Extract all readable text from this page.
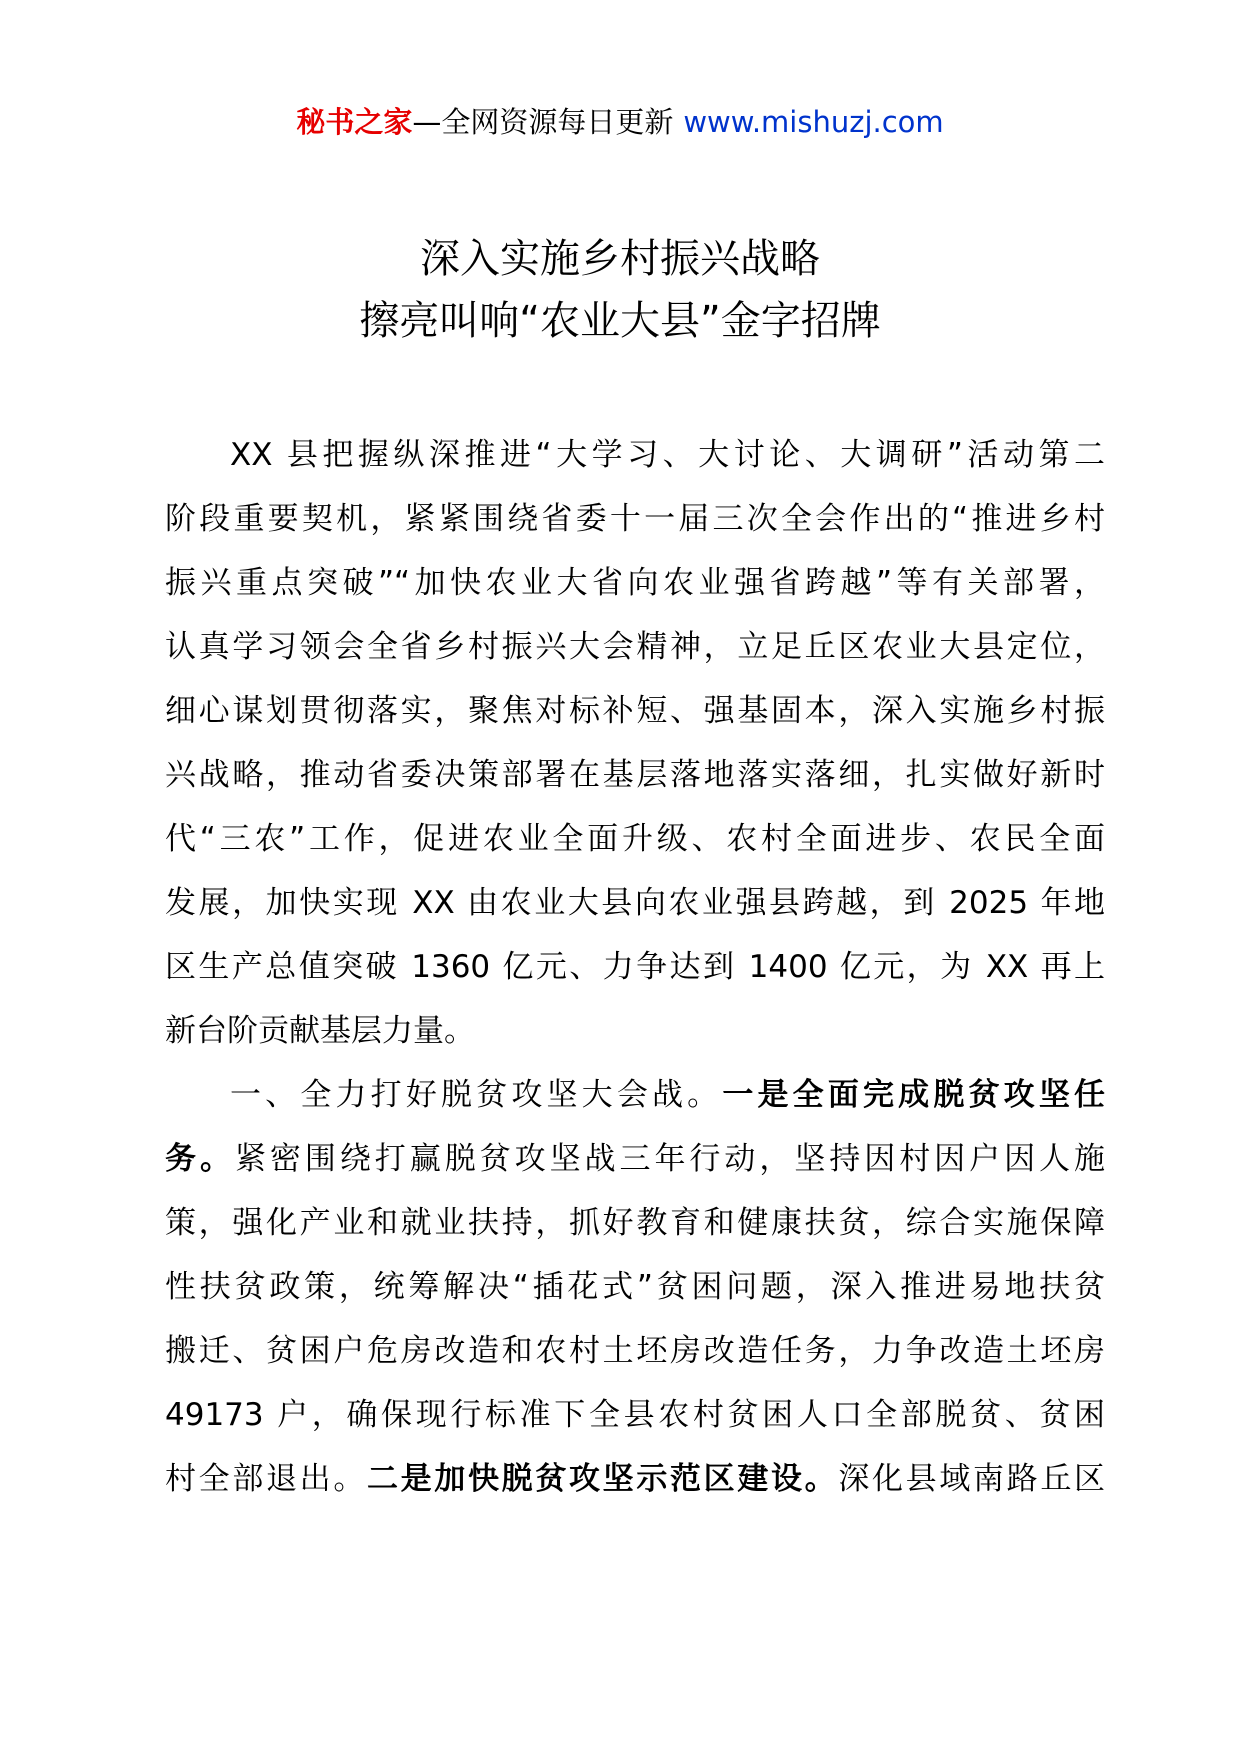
秘书之家—全网资源每日更新 www.mishuzj.com
深入实施乡村振兴战略
擦亮叫响“农业大县”金字招牌
XX 县把握纵深推进“大学习、大讨论、大调研”活动第二
阶段重要契机，紧紧围绕省委十一届三次全会作出的“推进乡村
振兴重点突破”“加快农业大省向农业强省跨越”等有关部署，
认真学习领会全省乡村振兴大会精神，立足丘区农业大县定位，
细心谋划贯彻落实，聚焦对标补短、强基固本，深入实施乡村振
兴战略，推动省委决策部署在基层落地落实落细，扎实做好新时
代“三农”工作，促进农业全面升级、农村全面进步、农民全面
发展，加快实现 XX 由农业大县向农业强县跨越，到 2025 年地
区生产总值突破 1360 亿元、力争达到 1400 亿元，为 XX 再上
新台阶贡献基层力量。
一、全力打好脱贫攻坚大会战。一是全面完成脱贫攻坚任
务。紧密围绕打赢脱贫攻坚战三年行动，坚持因村因户因人施
策，强化产业和就业扶持，抓好教育和健康扶贫，综合实施保障
性扶贫政策，统筹解决“插花式”贫困问题，深入推进易地扶贫
搬迁、贫困户危房改造和农村土坯房改造任务，力争改造土坯房
49173 户，确保现行标准下全县农村贫困人口全部脱贫、贫困
村全部退出。二是加快脱贫攻坚示范区建设。深化县域南路丘区
